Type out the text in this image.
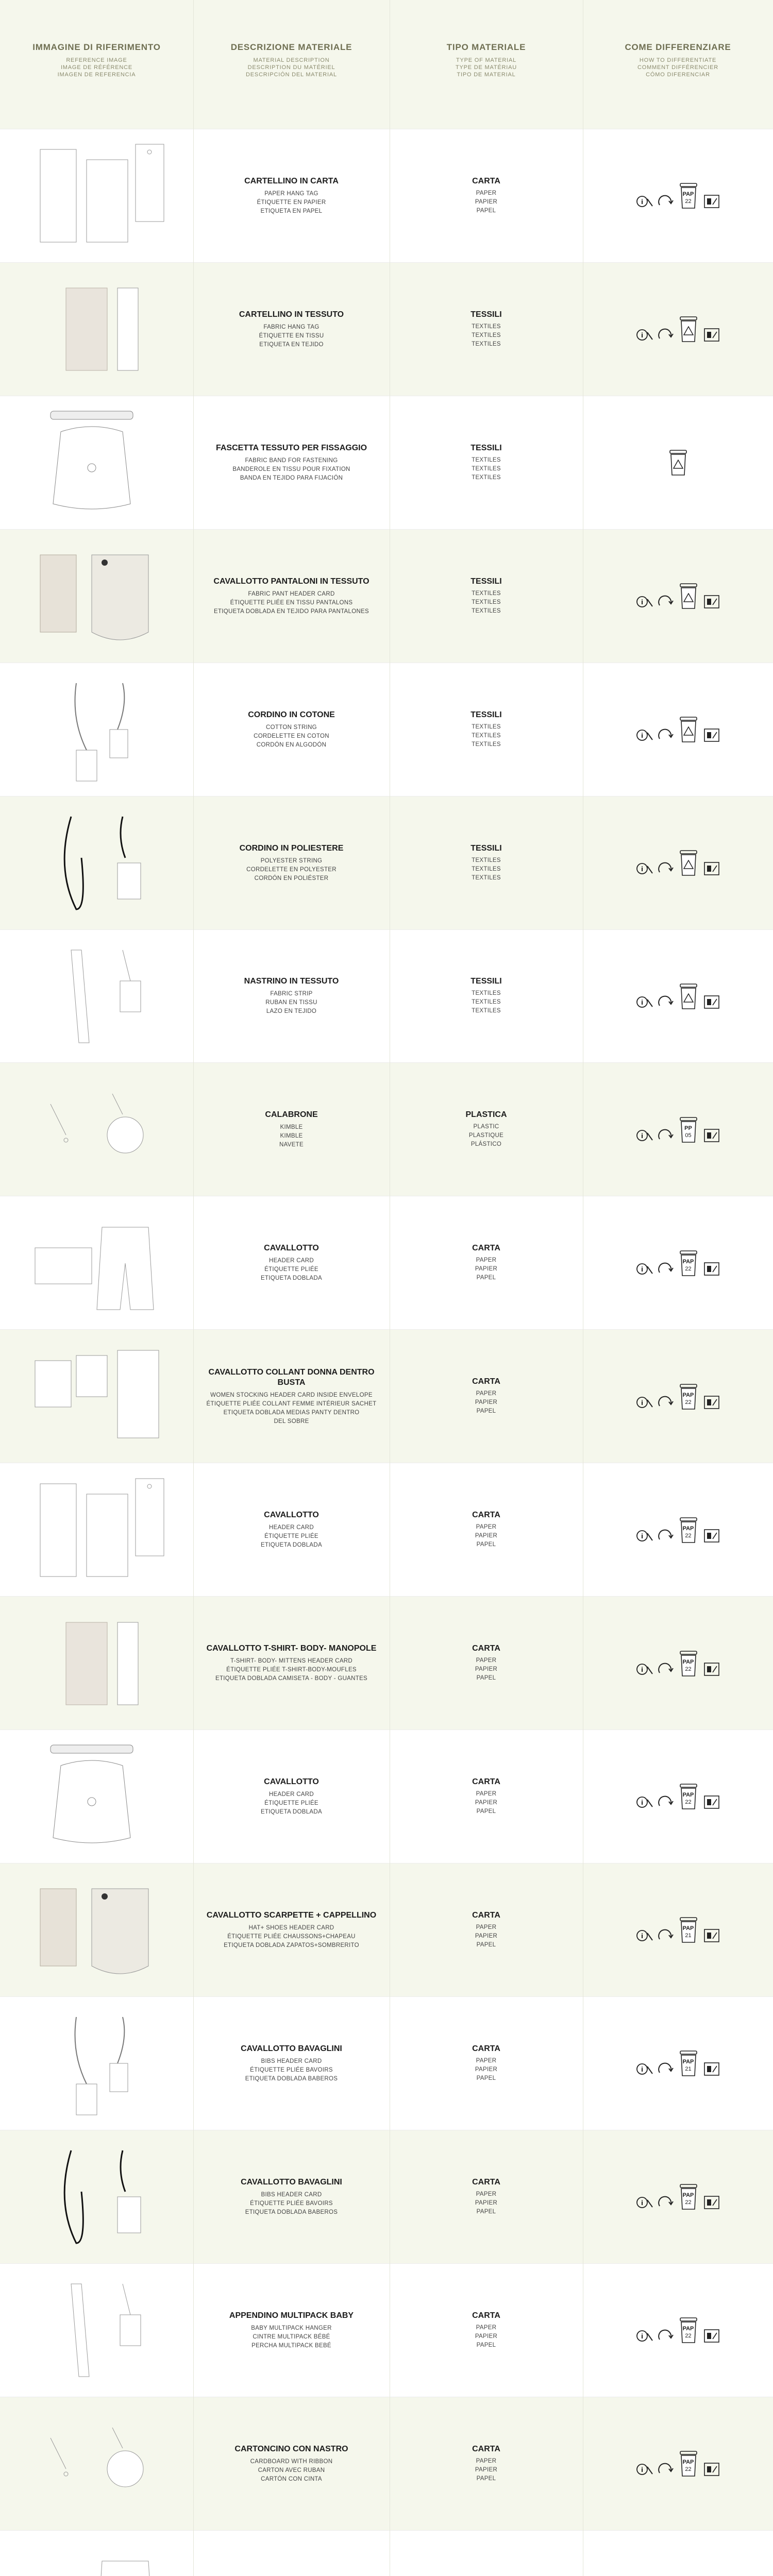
IMMAGINE DI RIFERIMENTO
REFERENCE IMAGE
IMAGE DE RÉFÉRENCE
IMAGEN DE REFERENCIA
DESCRIZIONE MATERIALE
MATERIAL DESCRIPTION
DESCRIPTION DU MATÉRIEL
DESCRIPCIÓN DEL MATERIAL
TIPO MATERIALE
TYPE OF MATERIAL
TYPE DE MATÉRIAU
TIPO DE MATERIAL
COME DIFFERENZIARE
HOW TO DIFFERENTIATE
COMMENT DIFFÉRENCIER
CÓMO DIFERENCIAR
CARTELLINO IN CARTA
PAPER HANG TAG
ÉTIQUETTE EN PAPIER
ETIQUETA EN PAPEL
CARTA
PAPER
PAPIER
PAPEL
i
PAP
22
CARTELLINO IN TESSUTO
FABRIC HANG TAG
ÉTIQUETTE EN TISSU
ETIQUETA EN TEJIDO
TESSILI
TEXTILES
TEXTILES
TEXTILES
i
FASCETTA TESSUTO PER FISSAGGIO
FABRIC BAND FOR FASTENING
BANDEROLE EN TISSU POUR FIXATION
BANDA EN TEJIDO PARA FIJACIÓN
TESSILI
TEXTILES
TEXTILES
TEXTILES
CAVALLOTTO PANTALONI IN TESSUTO
FABRIC PANT HEADER CARD
ÉTIQUETTE PLIÉE EN TISSU PANTALONS
ETIQUETA DOBLADA EN TEJIDO PARA PANTALONES
TESSILI
TEXTILES
TEXTILES
TEXTILES
i
CORDINO IN COTONE
COTTON STRING
CORDELETTE EN COTON
CORDÓN EN ALGODÓN
TESSILI
TEXTILES
TEXTILES
TEXTILES
i
CORDINO IN POLIESTERE
POLYESTER STRING
CORDELETTE EN POLYESTER
CORDÓN EN POLIÉSTER
TESSILI
TEXTILES
TEXTILES
TEXTILES
i
NASTRINO IN TESSUTO
FABRIC STRIP
RUBAN EN TISSU
LAZO EN TEJIDO
TESSILI
TEXTILES
TEXTILES
TEXTILES
i
CALABRONE
KIMBLE
KIMBLE
NAVETE
PLASTICA
PLASTIC
PLASTIQUE
PLÁSTICO
i
PP
05
CAVALLOTTO
HEADER CARD
ÉTIQUETTE PLIÉE
ETIQUETA DOBLADA
CARTA
PAPER
PAPIER
PAPEL
i
PAP
22
CAVALLOTTO COLLANT DONNA DENTRO BUSTA
WOMEN STOCKING HEADER CARD INSIDE ENVELOPE
ÉTIQUETTE PLIÉE COLLANT FEMME INTÉRIEUR SACHET
ETIQUETA DOBLADA MEDIAS PANTY DENTRO
DEL SOBRE
CARTA
PAPER
PAPIER
PAPEL
i
PAP
22
CAVALLOTTO
HEADER CARD
ÉTIQUETTE PLIÉE
ETIQUETA DOBLADA
CARTA
PAPER
PAPIER
PAPEL
i
PAP
22
CAVALLOTTO T-SHIRT- BODY- MANOPOLE
T-SHIRT- BODY- MITTENS HEADER CARD
ÉTIQUETTE PLIÉE T-SHIRT-BODY-MOUFLES
ETIQUETA DOBLADA CAMISETA - BODY - GUANTES
CARTA
PAPER
PAPIER
PAPEL
i
PAP
22
CAVALLOTTO
HEADER CARD
ÉTIQUETTE PLIÉE
ETIQUETA DOBLADA
CARTA
PAPER
PAPIER
PAPEL
i
PAP
22
CAVALLOTTO SCARPETTE + CAPPELLINO
HAT+ SHOES HEADER CARD
ÉTIQUETTE PLIÉE CHAUSSONS+CHAPEAU
ETIQUETA DOBLADA ZAPATOS+SOMBRERITO
CARTA
PAPER
PAPIER
PAPEL
i
PAP
21
CAVALLOTTO BAVAGLINI
BIBS HEADER CARD
ÉTIQUETTE PLIÉE BAVOIRS
ETIQUETA DOBLADA BABEROS
CARTA
PAPER
PAPIER
PAPEL
i
PAP
21
CAVALLOTTO BAVAGLINI
BIBS HEADER CARD
ÉTIQUETTE PLIÉE BAVOIRS
ETIQUETA DOBLADA BABEROS
CARTA
PAPER
PAPIER
PAPEL
i
PAP
22
APPENDINO MULTIPACK BABY
BABY MULTIPACK HANGER
CINTRE MULTIPACK BÉBÉ
PERCHA MULTIPACK BEBÉ
CARTA
PAPER
PAPIER
PAPEL
i
PAP
22
CARTONCINO CON NASTRO
CARDBOARD WITH RIBBON
CARTON AVEC RUBAN
CARTÓN CON CINTA
CARTA
PAPER
PAPIER
PAPEL
i
PAP
22
